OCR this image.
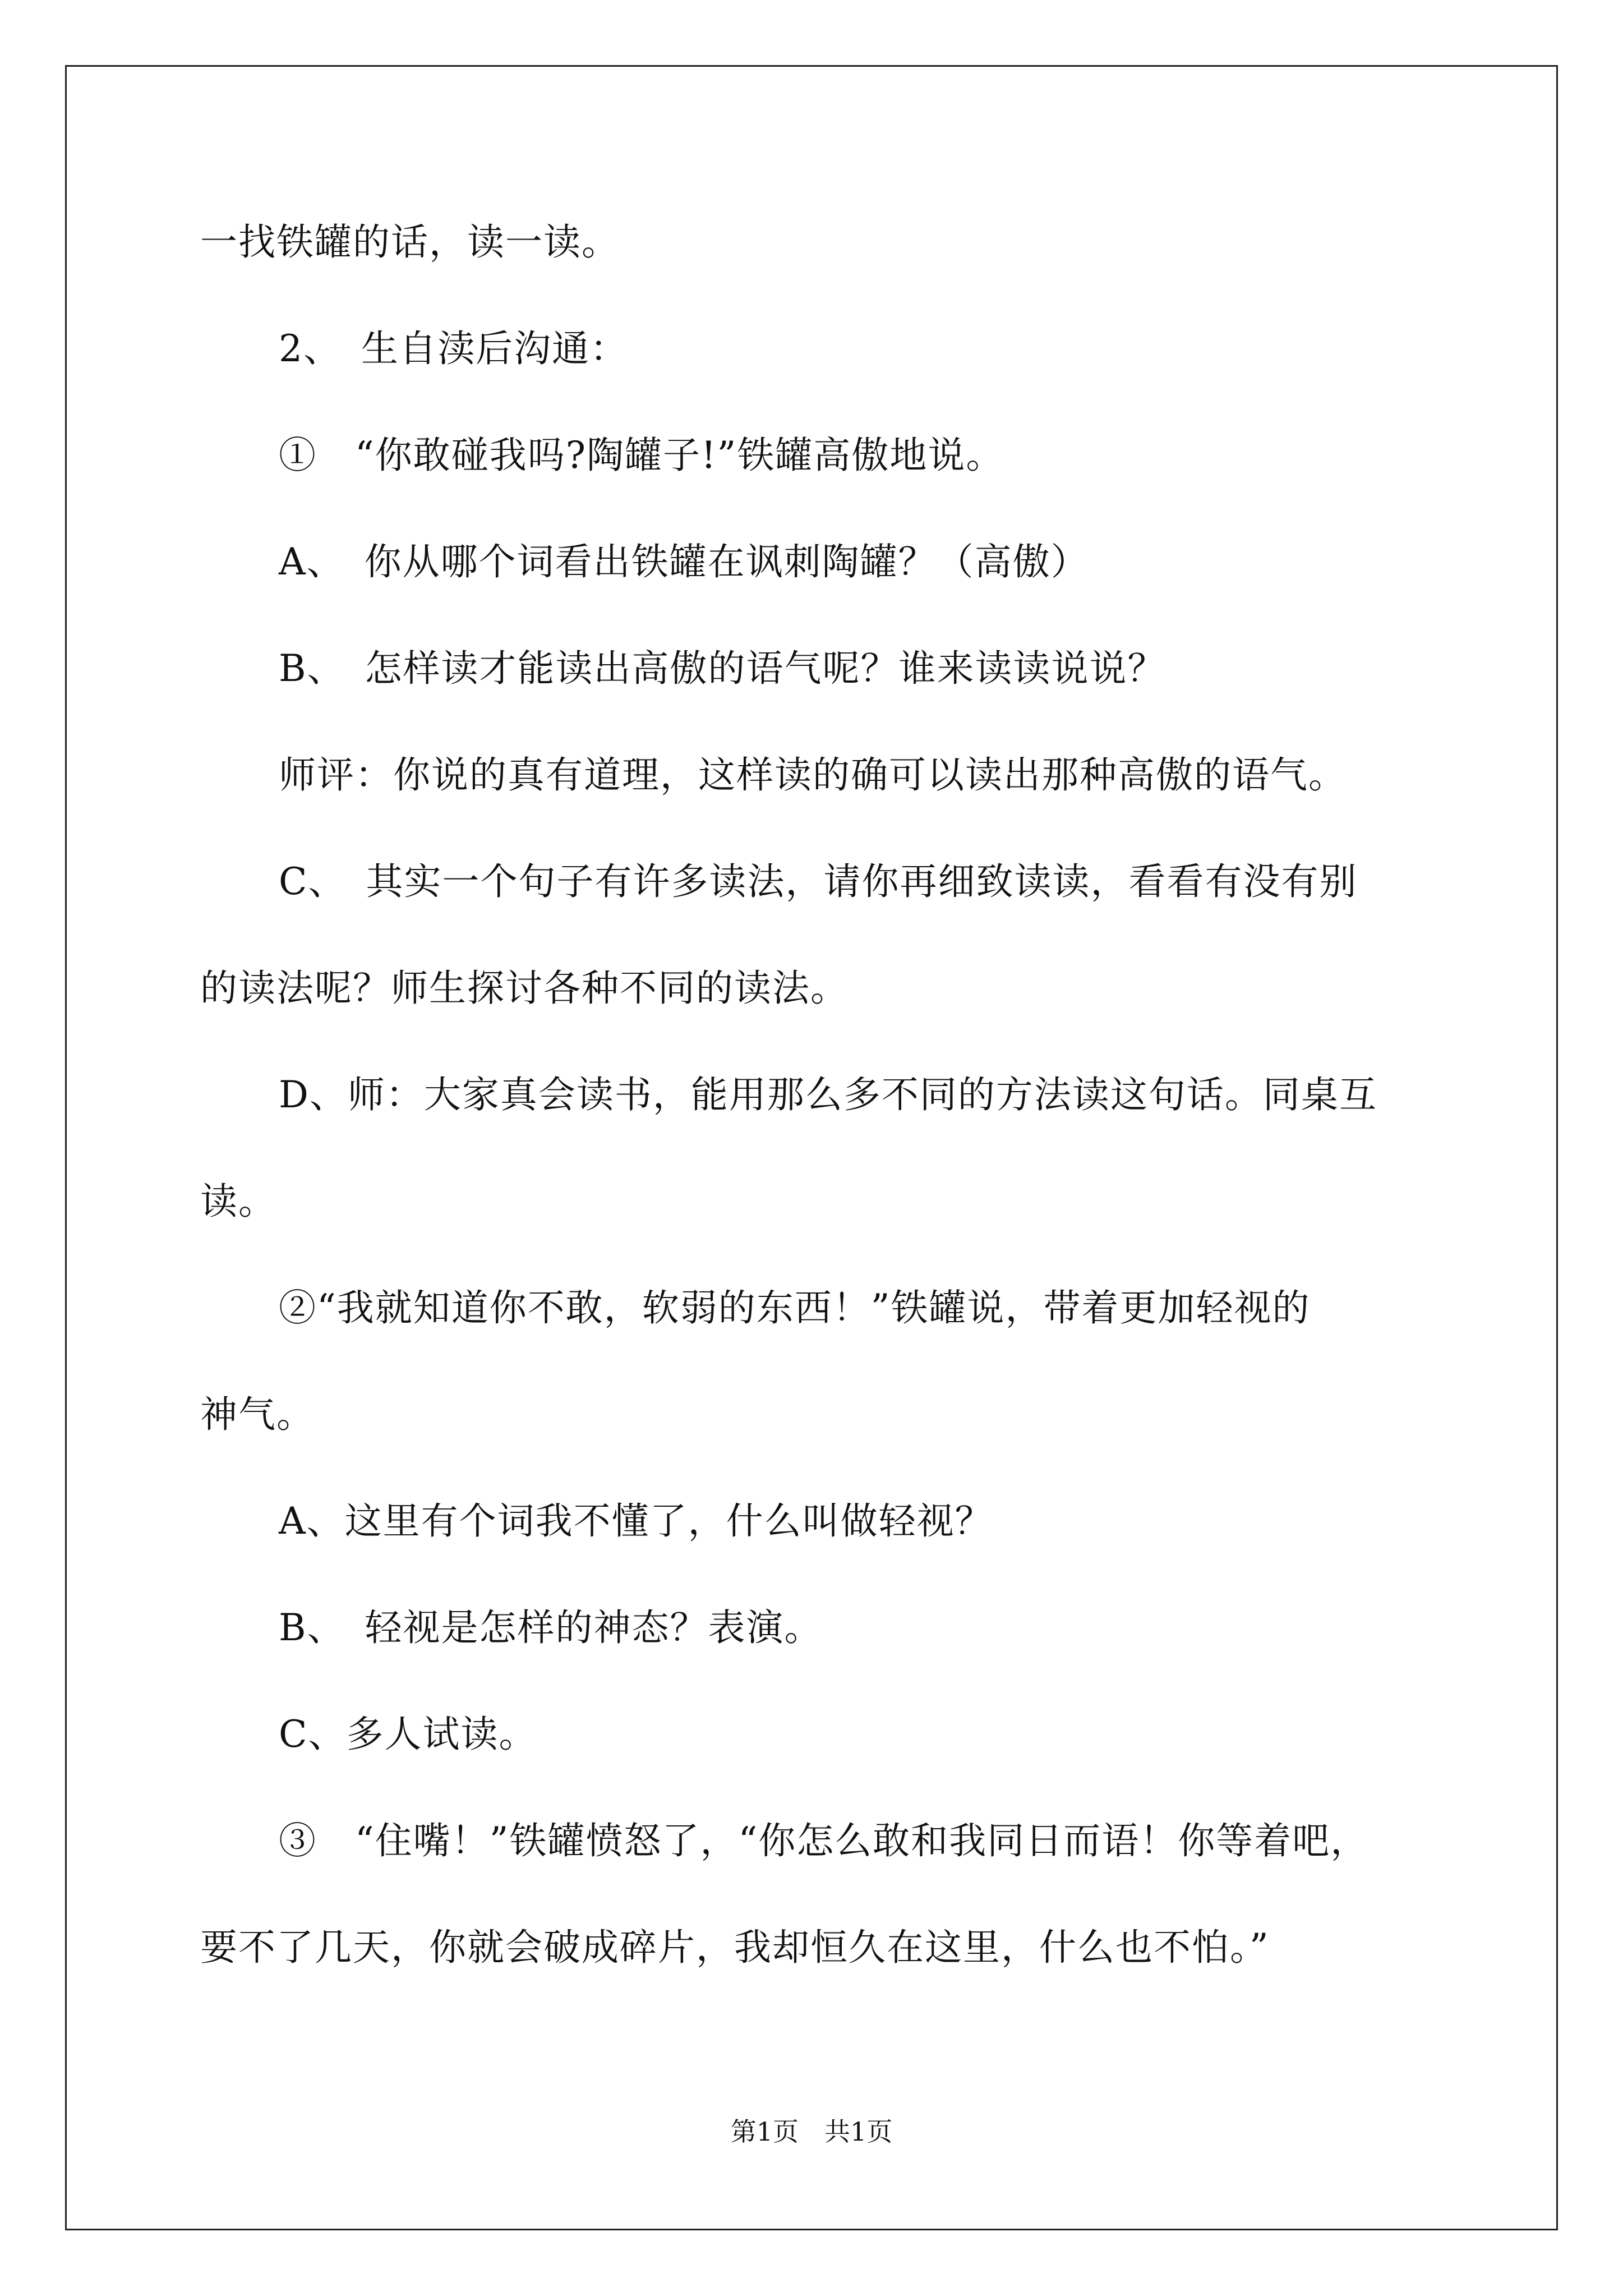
一找铁罐的话，读一读。

2、　生自渎后沟通：

①　“你敢碰我吗?陶罐子!”铁罐高傲地说。

A、　你从哪个词看出铁罐在讽刺陶罐？（高傲）

B、　怎样读才能读出高傲的语气呢？谁来读读说说？

师评：你说的真有道理，这样读的确可以读出那种高傲的语气。

C、　其实一个句子有许多读法，请你再细致读读，看看有没有别

的读法呢？师生探讨各种不同的读法。

D、师：大家真会读书，能用那么多不同的方法读这句话。同桌互

读。

②“我就知道你不敢，软弱的东西！”铁罐说，带着更加轻视的

神气。

A、这里有个词我不懂了，什么叫做轻视？

B、　轻视是怎样的神态？表演。

C、多人试读。

③　“住嘴！”铁罐愤怒了，“你怎么敢和我同日而语！你等着吧，

要不了几天，你就会破成碎片，我却恒久在这里，什么也不怕。”

第1页　共1页
